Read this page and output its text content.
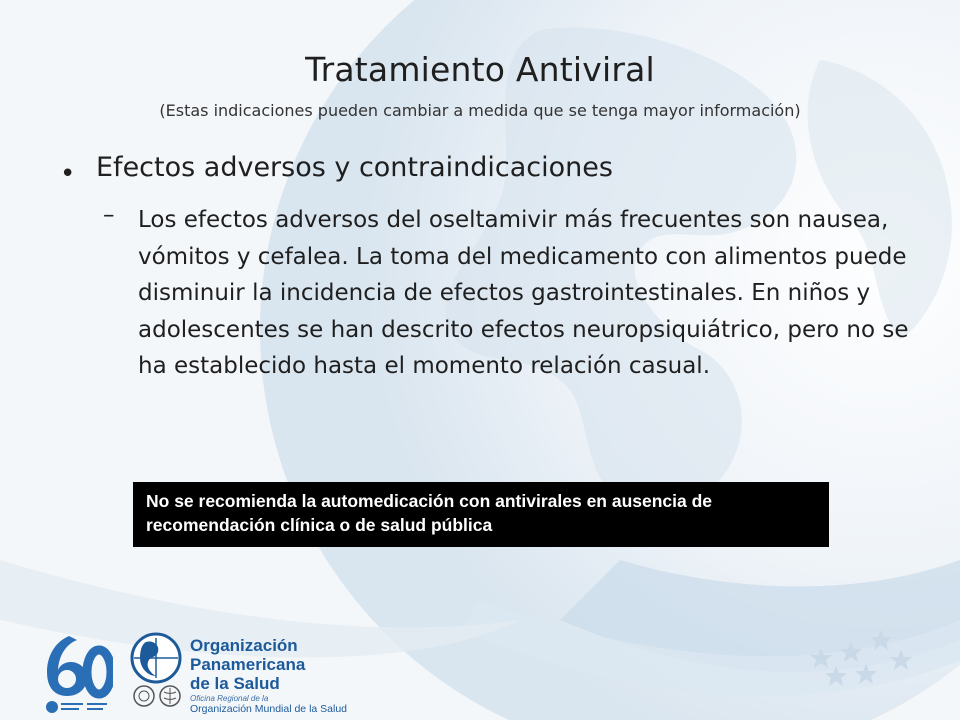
Tratamiento Antiviral
(Estas indicaciones pueden cambiar a medida que se tenga mayor información)
• Efectos adversos y contraindicaciones
– Los efectos adversos del oseltamivir más frecuentes son nausea, vómitos y cefalea. La toma del medicamento con alimentos puede disminuir la incidencia de efectos gastrointestinales. En niños y adolescentes se han descrito efectos neuropsiquiátrico, pero no se ha establecido hasta el momento relación casual.
No se recomienda la automedicación con antivirales en ausencia de recomendación clínica o de salud pública
Organización
Panamericana
de la Salud
Oficina Regional de la
Organización Mundial de la Salud
